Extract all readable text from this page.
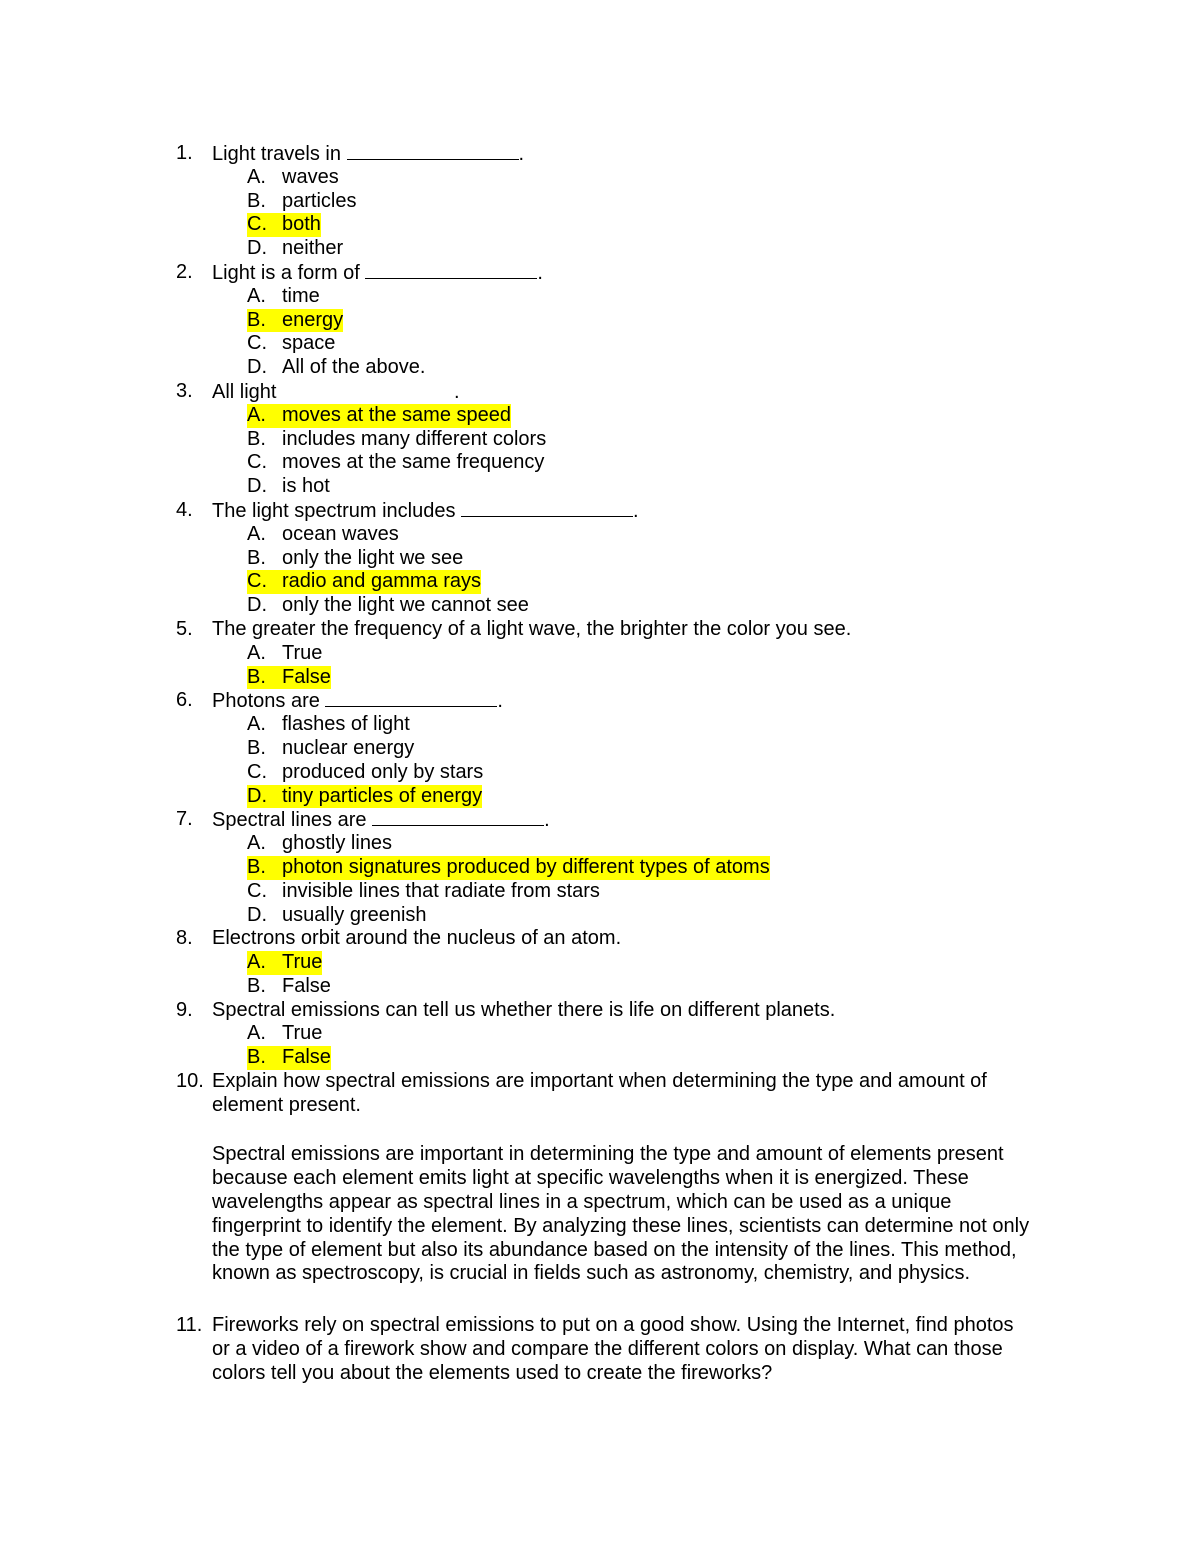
1. Light travels in	.
A. waves
B. particles
C. both
D. neither
2. Light is a form of	.
A. time
B. energy
C. space
D. All of the above.
3. All light	.
A. moves at the same speed
B. includes many different colors
C. moves at the same frequency
D. is hot
4. The light spectrum includes	.
A. ocean waves
B. only the light we see
C. radio and gamma rays
D. only the light we cannot see
5. The greater the frequency of a light wave, the brighter the color you see.
A. True
B. False
6. Photons are	.
A. flashes of light
B. nuclear energy
C. produced only by stars
D. tiny particles of energy
7. Spectral lines are	.
A. ghostly lines
B. photon signatures produced by different types of atoms
C. invisible lines that radiate from stars
D. usually greenish
8. Electrons orbit around the nucleus of an atom.
A. True
B. False
9. Spectral emissions can tell us whether there is life on different planets.
A. True
B. False
10. Explain how spectral emissions are important when determining the type and amount of
element present.
Spectral emissions are important in determining the type and amount of elements present
because each element emits light at specific wavelengths when it is energized. These
wavelengths appear as spectral lines in a spectrum, which can be used as a unique
fingerprint to identify the element. By analyzing these lines, scientists can determine not only
the type of element but also its abundance based on the intensity of the lines. This method,
known as spectroscopy, is crucial in fields such as astronomy, chemistry, and physics.
11. Fireworks rely on spectral emissions to put on a good show. Using the Internet, find photos
or a video of a firework show and compare the different colors on display. What can those
colors tell you about the elements used to create the fireworks?
